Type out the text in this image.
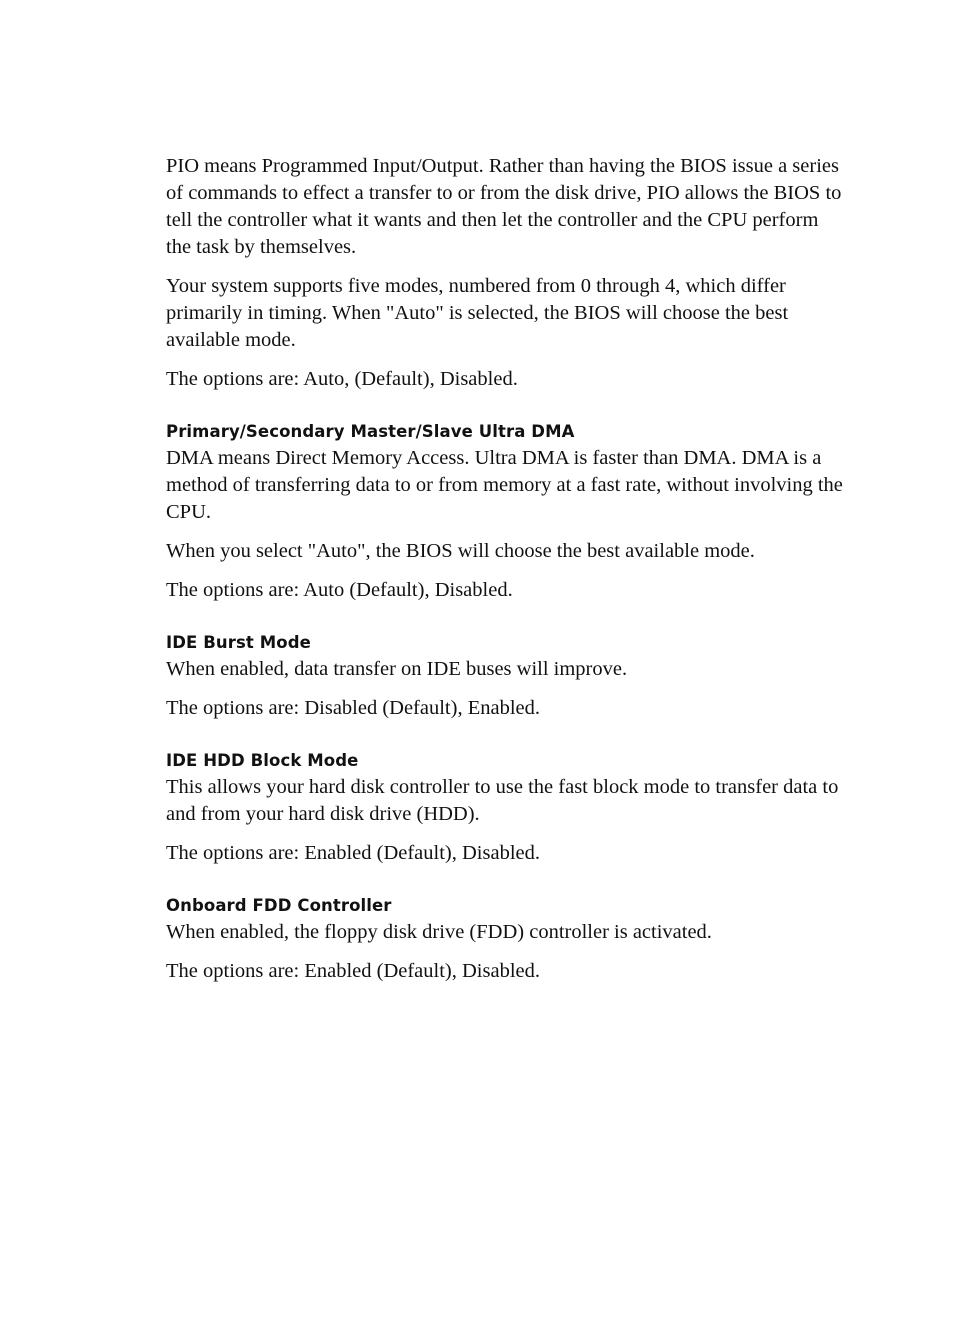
PIO means Programmed Input/Output. Rather than having the BIOS issue a series of commands to effect a transfer to or from the disk drive, PIO allows the BIOS to tell the controller what it wants and then let the controller and the CPU perform the task by themselves.

Your system supports five modes, numbered from 0 through 4, which differ primarily in timing. When "Auto" is selected, the BIOS will choose the best available mode.

The options are: Auto, (Default), Disabled.

Primary/Secondary Master/Slave Ultra DMA

DMA means Direct Memory Access. Ultra DMA is faster than DMA. DMA is a method of transferring data to or from memory at a fast rate, without involving the CPU.

When you select "Auto", the BIOS will choose the best available mode.

The options are: Auto (Default), Disabled.

IDE Burst Mode

When enabled, data transfer on IDE buses will improve.

The options are: Disabled (Default), Enabled.

IDE HDD Block Mode

This allows your hard disk controller to use the fast block mode to transfer data to and from your hard disk drive (HDD).

The options are: Enabled (Default), Disabled.

Onboard FDD Controller

When enabled, the floppy disk drive (FDD) controller is activated.

The options are: Enabled (Default), Disabled.
